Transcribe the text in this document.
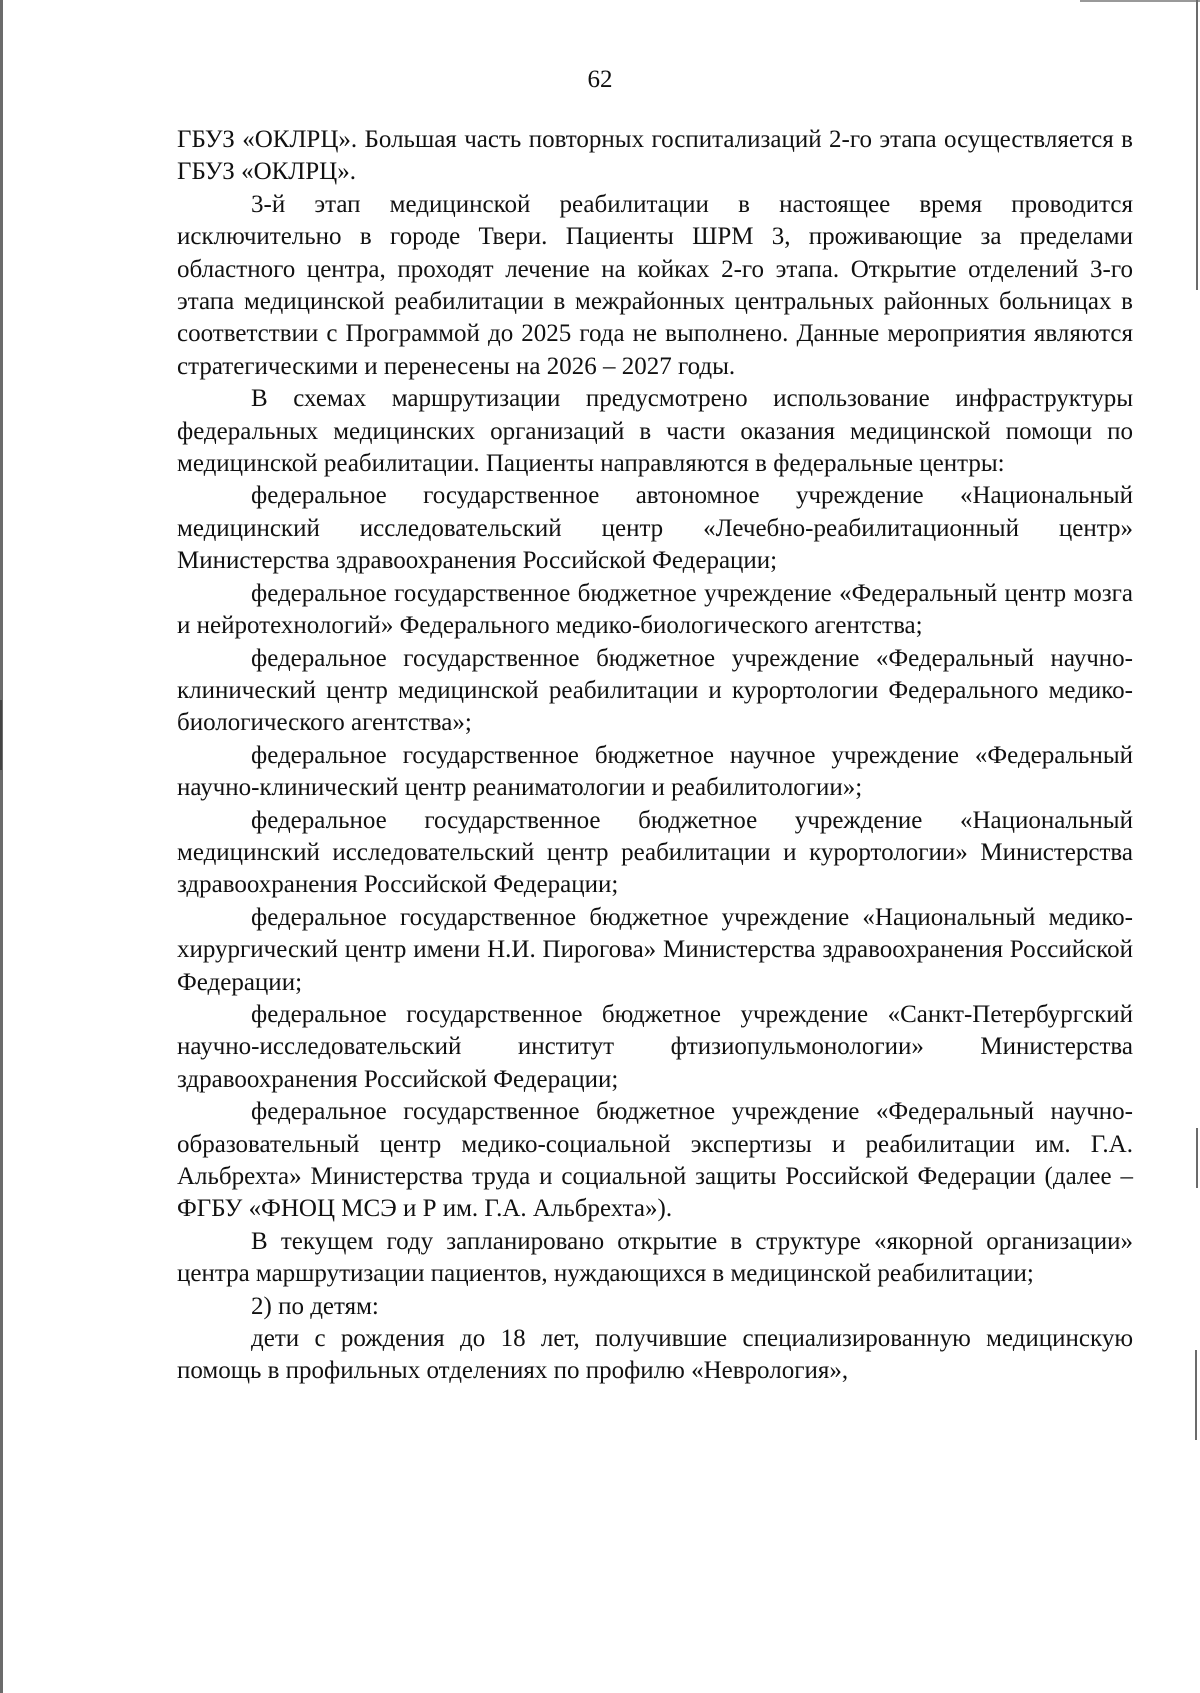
62

ГБУЗ «ОКЛРЦ». Большая часть повторных госпитализаций 2-го этапа осуществляется в ГБУЗ «ОКЛРЦ».

3-й этап медицинской реабилитации в настоящее время проводится исключительно в городе Твери. Пациенты ШРМ 3, проживающие за пределами областного центра, проходят лечение на койках 2-го этапа. Открытие отделений 3-го этапа медицинской реабилитации в межрайонных центральных районных больницах в соответствии с Программой до 2025 года не выполнено. Данные мероприятия являются стратегическими и перенесены на 2026 – 2027 годы.

В схемах маршрутизации предусмотрено использование инфраструктуры федеральных медицинских организаций в части оказания медицинской помощи по медицинской реабилитации. Пациенты направляются в федеральные центры:

федеральное государственное автономное учреждение «Национальный медицинский исследовательский центр «Лечебно-реабилитационный центр» Министерства здравоохранения Российской Федерации;

федеральное государственное бюджетное учреждение «Федеральный центр мозга и нейротехнологий» Федерального медико-биологического агентства;

федеральное государственное бюджетное учреждение «Федеральный научно-клинический центр медицинской реабилитации и курортологии Федерального медико-биологического агентства»;

федеральное государственное бюджетное научное учреждение «Федеральный научно-клинический центр реаниматологии и реабилитологии»;

федеральное государственное бюджетное учреждение «Национальный медицинский исследовательский центр реабилитации и курортологии» Министерства здравоохранения Российской Федерации;

федеральное государственное бюджетное учреждение «Национальный медико-хирургический центр имени Н.И. Пирогова» Министерства здравоохранения Российской Федерации;

федеральное государственное бюджетное учреждение «Санкт-Петербургский научно-исследовательский институт фтизиопульмонологии» Министерства здравоохранения Российской Федерации;

федеральное государственное бюджетное учреждение «Федеральный научно-образовательный центр медико-социальной экспертизы и реабилитации им. Г.А. Альбрехта» Министерства труда и социальной защиты Российской Федерации (далее – ФГБУ «ФНОЦ МСЭ и Р им. Г.А. Альбрехта»).

В текущем году запланировано открытие в структуре «якорной организации» центра маршрутизации пациентов, нуждающихся в медицинской реабилитации;

2) по детям:

дети с рождения до 18 лет, получившие специализированную медицинскую помощь в профильных отделениях по профилю «Неврология»,
